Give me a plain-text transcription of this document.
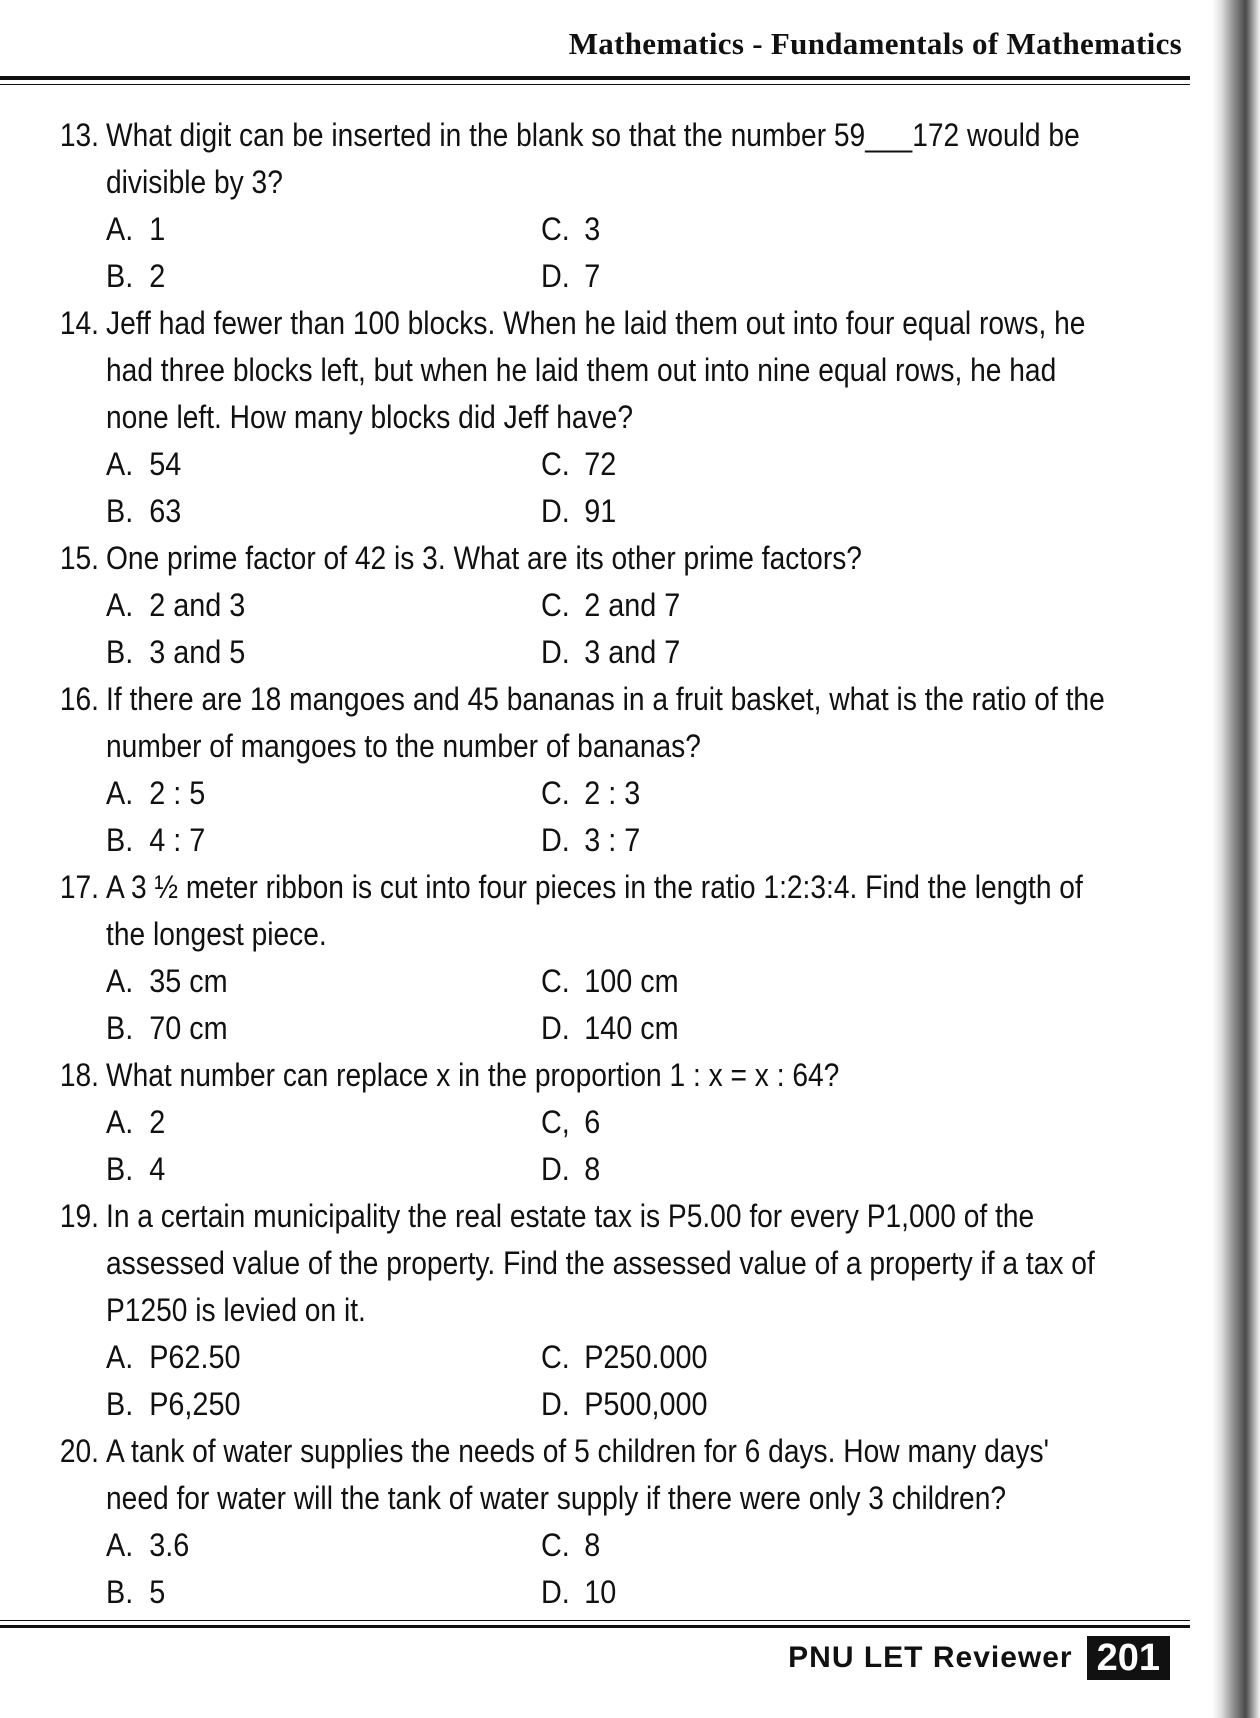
Mathematics - Fundamentals of Mathematics
13. What digit can be inserted in the blank so that the number 59___172 would be divisible by 3?
A. 1	C. 3
B. 2	D. 7
14. Jeff had fewer than 100 blocks. When he laid them out into four equal rows, he had three blocks left, but when he laid them out into nine equal rows, he had none left. How many blocks did Jeff have?
A. 54	C. 72
B. 63	D. 91
15. One prime factor of 42 is 3. What are its other prime factors?
A. 2 and 3	C. 2 and 7
B. 3 and 5	D. 3 and 7
16. If there are 18 mangoes and 45 bananas in a fruit basket, what is the ratio of the number of mangoes to the number of bananas?
A. 2 : 5	C. 2 : 3
B. 4 : 7	D. 3 : 7
17. A 3 ½ meter ribbon is cut into four pieces in the ratio 1:2:3:4. Find the length of the longest piece.
A. 35 cm	C. 100 cm
B. 70 cm	D. 140 cm
18. What number can replace x in the proportion 1 : x = x : 64?
A. 2	C, 6
B. 4	D. 8
19. In a certain municipality the real estate tax is P5.00 for every P1,000 of the assessed value of the property. Find the assessed value of a property if a tax of P1250 is levied on it.
A. P62.50	C. P250.000
B. P6,250	D. P500,000
20. A tank of water supplies the needs of 5 children for 6 days. How many days' need for water will the tank of water supply if there were only 3 children?
A. 3.6	C. 8
B. 5	D. 10
PNU LET Reviewer 201
